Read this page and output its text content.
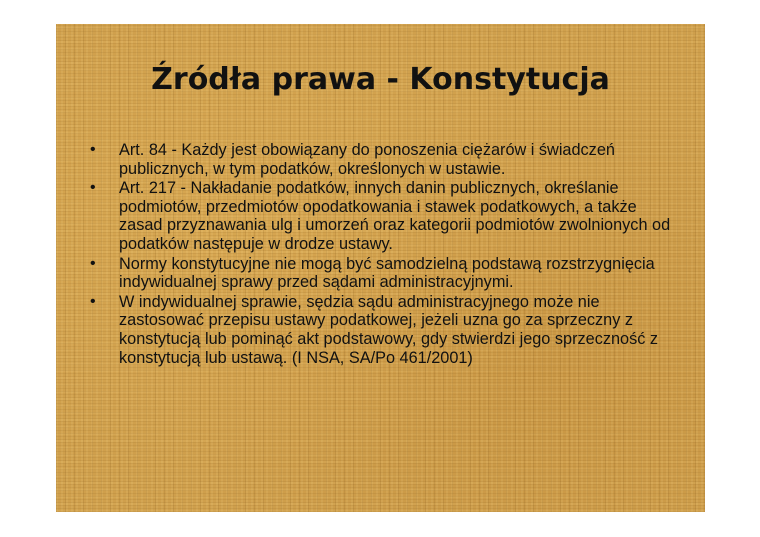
Źródła prawa - Konstytucja
• Art. 84 - Każdy jest obowiązany do ponoszenia ciężarów i świadczeń publicznych, w tym podatków, określonych w ustawie.
• Art. 217 - Nakładanie podatków, innych danin publicznych, określanie podmiotów, przedmiotów opodatkowania i stawek podatkowych, a także zasad przyznawania ulg i umorzeń oraz kategorii podmiotów zwolnionych od podatków następuje w drodze ustawy.
• Normy konstytucyjne nie mogą być samodzielną podstawą rozstrzygnięcia indywidualnej sprawy przed sądami administracyjnymi.
• W indywidualnej sprawie, sędzia sądu administracyjnego może nie zastosować przepisu ustawy podatkowej, jeżeli uzna go za sprzeczny z konstytucją lub pominąć akt podstawowy, gdy stwierdzi jego sprzeczność z konstytucją lub ustawą. (I NSA, SA/Po 461/2001)
